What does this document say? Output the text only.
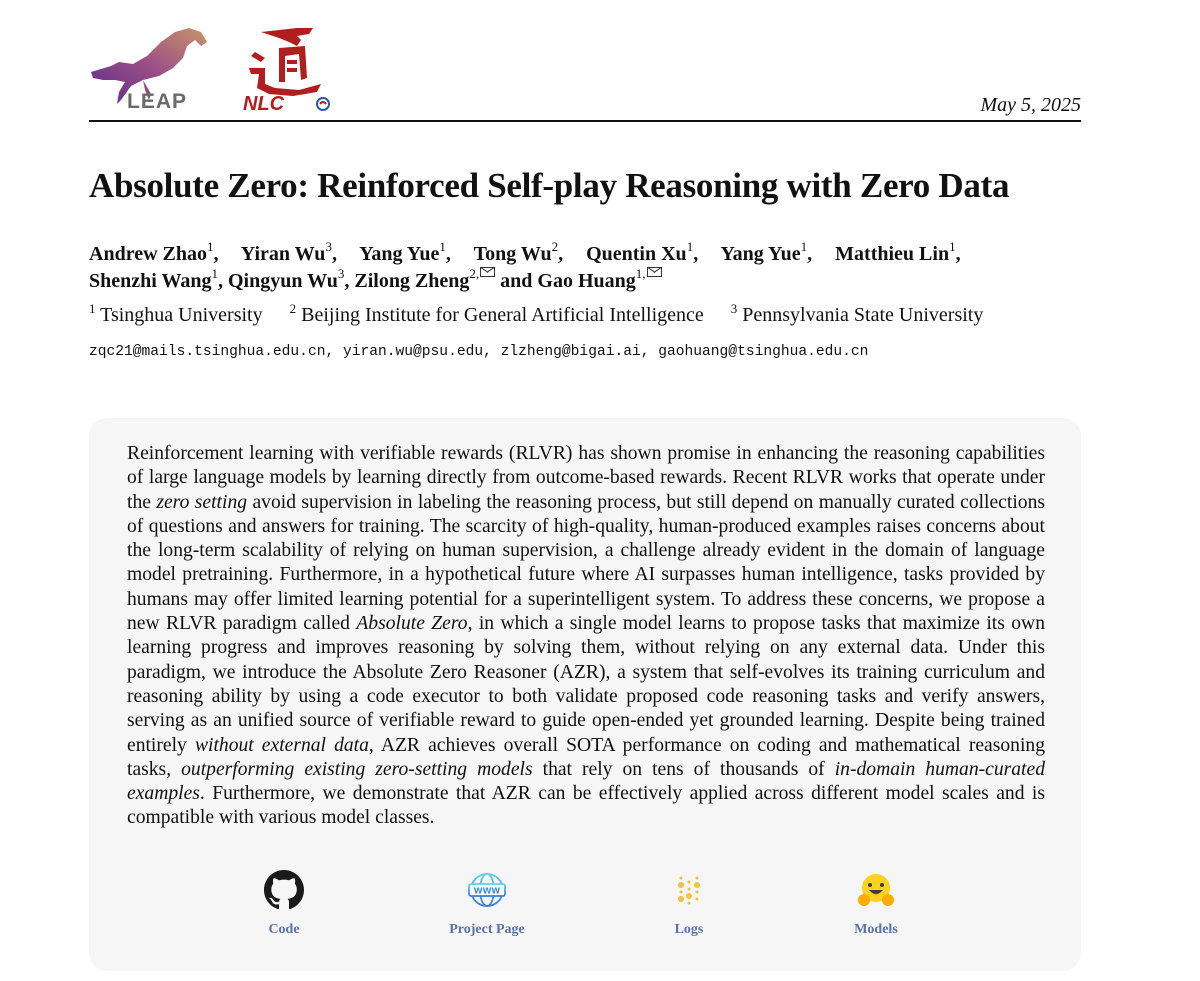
LEAP	NLC	May 5, 2025
Absolute Zero: Reinforced Self-play Reasoning with Zero Data
Andrew Zhao$^1$, Yiran Wu$^3$, Yang Yue$^1$, Tong Wu$^2$, Quentin Xu$^1$, Yang Yue$^1$, Matthieu Lin$^1$,
Shenzhi Wang$^1$, Qingyun Wu$^3$, Zilong Zheng$^{2,}$ and Gao Huang$^{1,}$
$^1$ Tsinghua University $^2$ Beijing Institute for General Artificial Intelligence $^3$ Pennsylvania State University
zqc21@mails.tsinghua.edu.cn, yiran.wu@psu.edu, zlzheng@bigai.ai, gaohuang@tsinghua.edu.cn

Reinforcement learning with verifiable rewards (RLVR) has shown promise in enhancing the reasoning capabilities of large language models by learning directly from outcome-based rewards. Recent RLVR works that operate under the zero setting avoid supervision in labeling the reasoning process, but still depend on manually curated collections of questions and answers for training. The scarcity of high-quality, human-produced examples raises concerns about the long-term scalability of relying on human supervision, a challenge already evident in the domain of language model pretraining. Furthermore, in a hypothetical future where AI surpasses human intelligence, tasks provided by humans may offer limited learning potential for a superintelligent system. To address these concerns, we propose a new RLVR paradigm called Absolute Zero, in which a single model learns to propose tasks that maximize its own learning progress and improves reasoning by solving them, without relying on any external data. Under this paradigm, we introduce the Absolute Zero Reasoner (AZR), a system that self-evolves its training curriculum and reasoning ability by using a code executor to both validate proposed code reasoning tasks and verify answers, serving as an unified source of verifiable reward to guide open-ended yet grounded learning. Despite being trained entirely without external data, AZR achieves overall SOTA performance on coding and mathematical reasoning tasks, outperforming existing zero-setting models that rely on tens of thousands of in-domain human-curated examples. Furthermore, we demonstrate that AZR can be effectively applied across different model scales and is compatible with various model classes.

Code
WWW
Project Page	Logs	Models
